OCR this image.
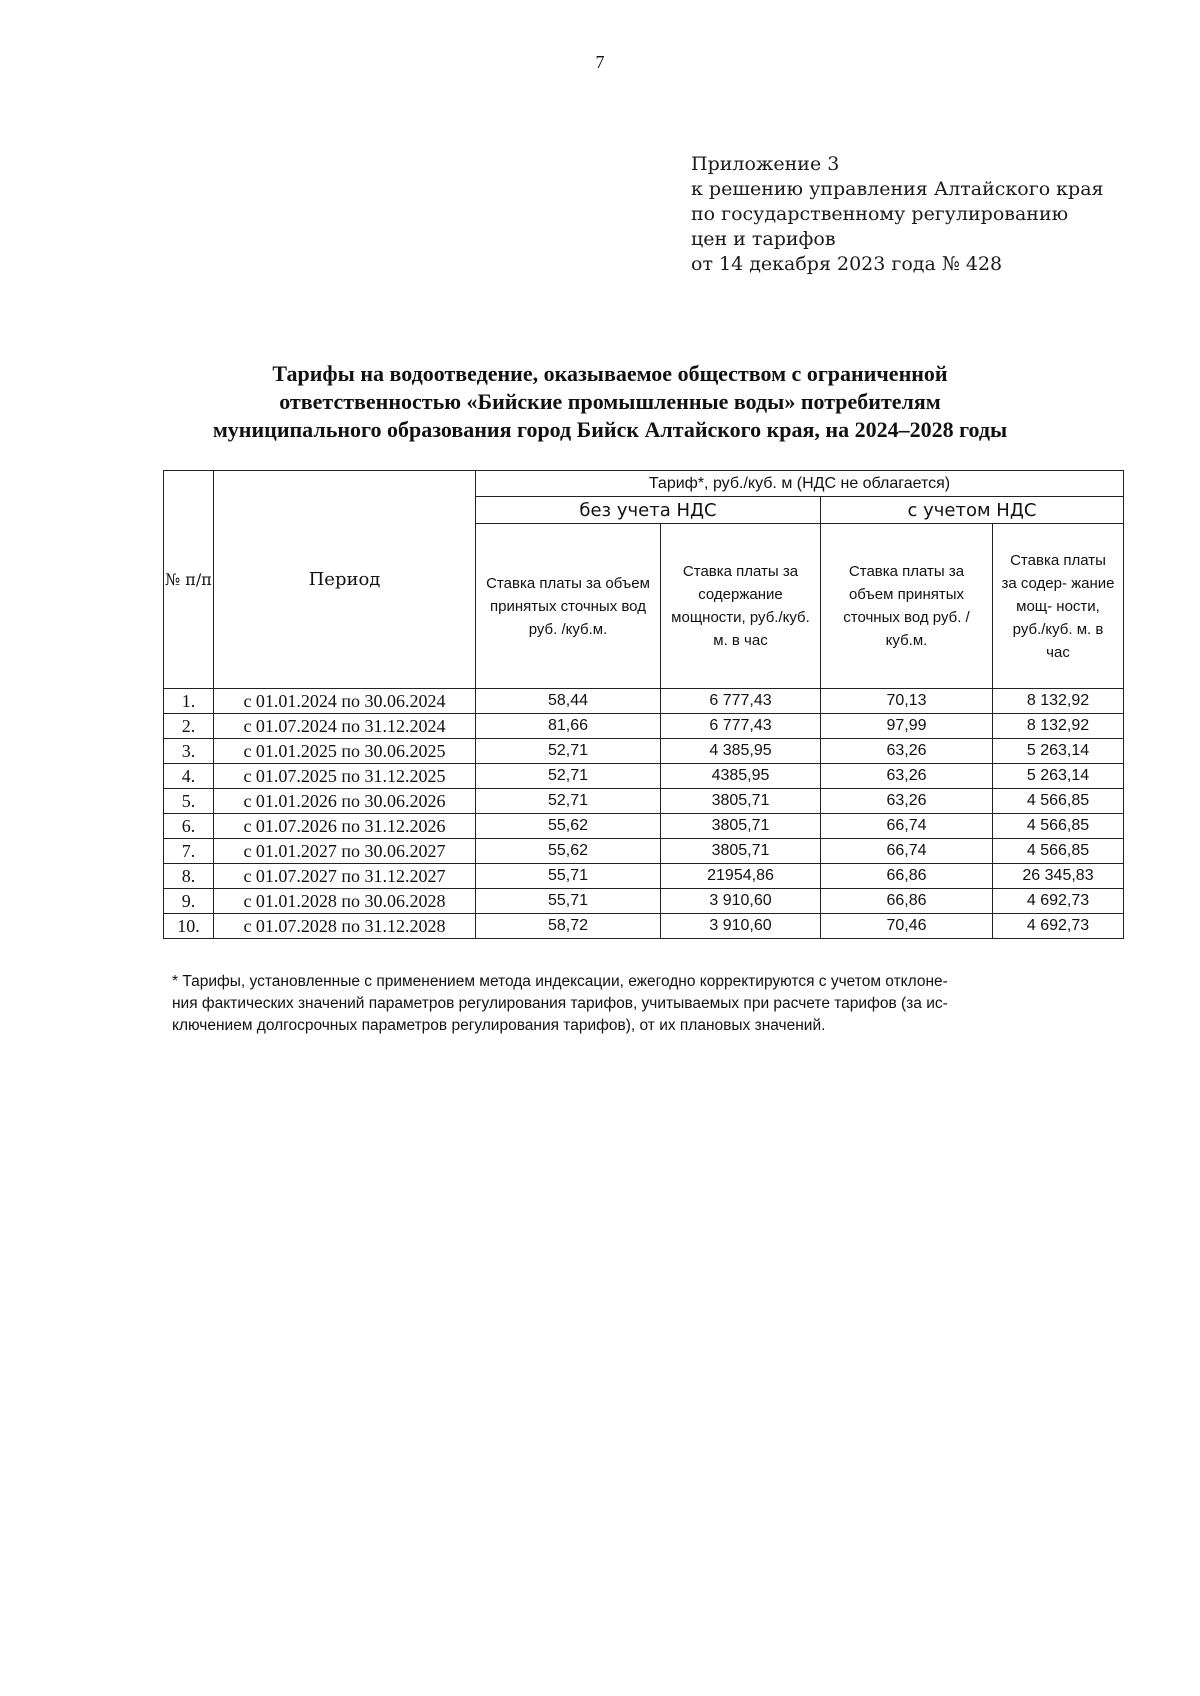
7
Приложение 3
к решению управления Алтайского края
по государственному регулированию
цен и тарифов
от 14 декабря 2023 года № 428
Тарифы на водоотведение, оказываемое обществом с ограниченной
ответственностью «Бийские промышленные воды» потребителям
муниципального образования город Бийск Алтайского края, на 2024–2028 годы
№ п/п	Период	Тариф*, руб./куб. м (НДС не облагается)			
		без учета НДС		с учетом НДС	
		Ставка платы за объем принятых сточных вод руб. /куб.м.	Ставка платы за содержание мощности, руб./куб. м. в час	Ставка платы за объем принятых сточных вод руб. /куб.м.	Ставка платы за содер- жание мощ- ности, руб./куб. м. в час
1.	с 01.01.2024 по 30.06.2024	58,44	6 777,43	70,13	8 132,92
2.	с 01.07.2024 по 31.12.2024	81,66	6 777,43	97,99	8 132,92
3.	с 01.01.2025 по 30.06.2025	52,71	4 385,95	63,26	5 263,14
4.	с 01.07.2025 по 31.12.2025	52,71	4385,95	63,26	5 263,14
5.	с 01.01.2026 по 30.06.2026	52,71	3805,71	63,26	4 566,85
6.	с 01.07.2026 по 31.12.2026	55,62	3805,71	66,74	4 566,85
7.	с 01.01.2027 по 30.06.2027	55,62	3805,71	66,74	4 566,85
8.	с 01.07.2027 по 31.12.2027	55,71	21954,86	66,86	26 345,83
9.	с 01.01.2028 по 30.06.2028	55,71	3 910,60	66,86	4 692,73
10.	с 01.07.2028 по 31.12.2028	58,72	3 910,60	70,46	4 692,73
* Тарифы, установленные с применением метода индексации, ежегодно корректируются с учетом отклоне-
ния фактических значений параметров регулирования тарифов, учитываемых при расчете тарифов (за ис-
ключением долгосрочных параметров регулирования тарифов), от их плановых значений.
